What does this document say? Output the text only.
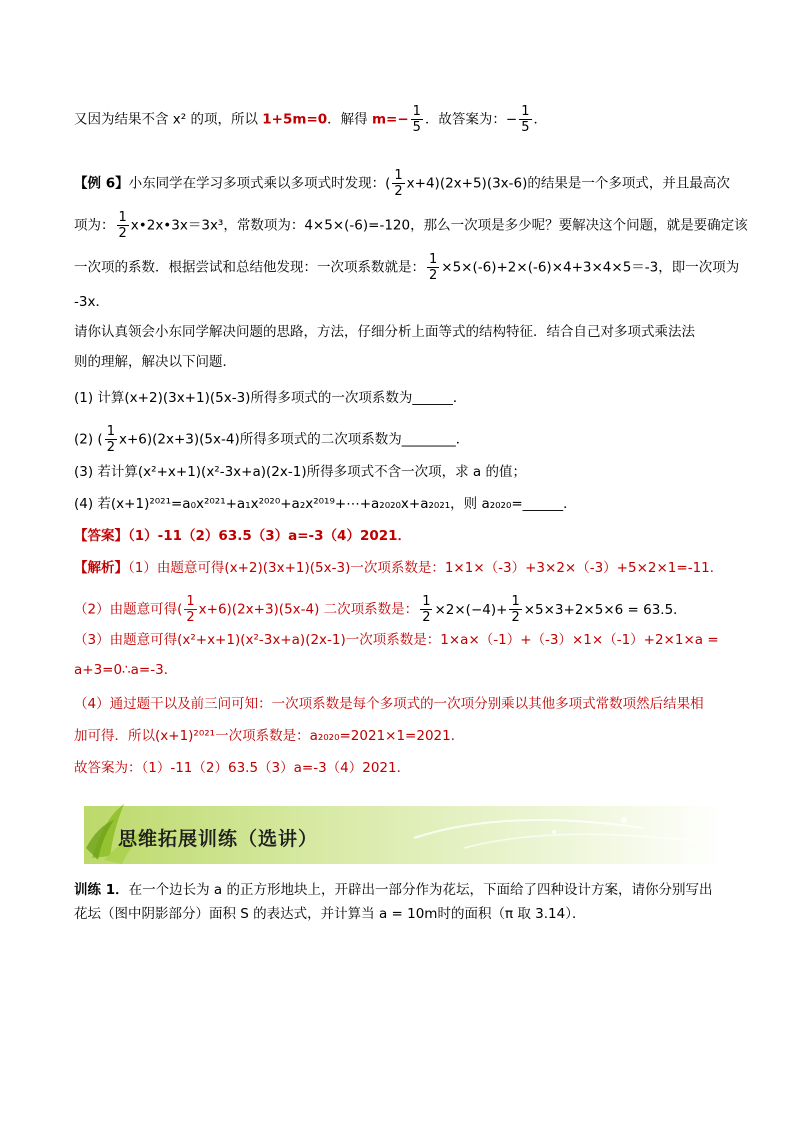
又因为结果不含 x² 的项，所以 1+5m=0．解得 $m=- \frac{1}{5}$ ．故答案为：− $\frac{1}{5}$ ．
【例 6】小东同学在学习多项式乘以多项式时发现：( $\frac{1}{2} x+4)(2x+5)(3x-6)$的结果是一个多项式，并且最高次
项为： $\frac{1}{2}$ x•2x•3x＝3x³，常数项为：4×5×(-6)=-120，那么一次项是多少呢？要解决这个问题，就是要确定该
一次项的系数．根据尝试和总结他发现：一次项系数就是： $\frac{1}{2} \times 5\times(-6)+2\times(-6)\times 4+3\times 4\times 5=-3$，即一次项为
-3x．
请你认真领会小东同学解决问题的思路，方法，仔细分析上面等式的结构特征．结合自己对多项式乘法法
则的理解，解决以下问题．
(1) 计算(x+2)(3x+1)(5x-3)所得多项式的一次项系数为______．
(2) ( $\frac{1}{2} x+6)(2x+3)(5x-4)$所得多项式的二次项系数为________．
(3) 若计算(x²+x+1)(x²-3x+a)(2x-1)所得多项式不含一次项，求 a 的值；
(4) 若(x+1)²⁰²¹=a₀x²⁰²¹+a₁x²⁰²⁰+a₂x²⁰¹⁹+⋯+a₂₀₂₀x+a₂₀₂₁，则 a₂₀₂₀=______．
【答案】（1）-11（2）63.5（3）a=-3（4）2021．
【解析】（1）由题意可得(x+2)(3x+1)(5x-3)一次项系数是：1×1×（-3）+3×2×（-3）+5×2×1=-11．
（2）由题意可得( $\frac{1}{2} x+6)(2x+3)(5x-4)$ 二次项系数是： $\frac{1}{2} \times 2\times(-4)+ \frac{1}{2} \times 5\times 3+2\times 5\times 6 = 63.5$．
（3）由题意可得(x²+x+1)(x²-3x+a)(2x-1)一次项系数是：1×a×（-1）+（-3）×1×（-1）+2×1×a =
a+3=0∴a=-3．
（4）通过题干以及前三问可知：一次项系数是每个多项式的一次项分别乘以其他多项式常数项然后结果相
加可得．所以(x+1)²⁰²¹一次项系数是：a₂₀₂₀=2021×1=2021．
故答案为：（1）-11（2）63.5（3）a=-3（4）2021．
思维拓展训练（选讲）
训练 1．在一个边长为 a 的正方形地块上，开辟出一部分作为花坛，下面给了四种设计方案，请你分别写出
花坛（图中阴影部分）面积 S 的表达式，并计算当 a = 10m时的面积（π 取 3.14）．
